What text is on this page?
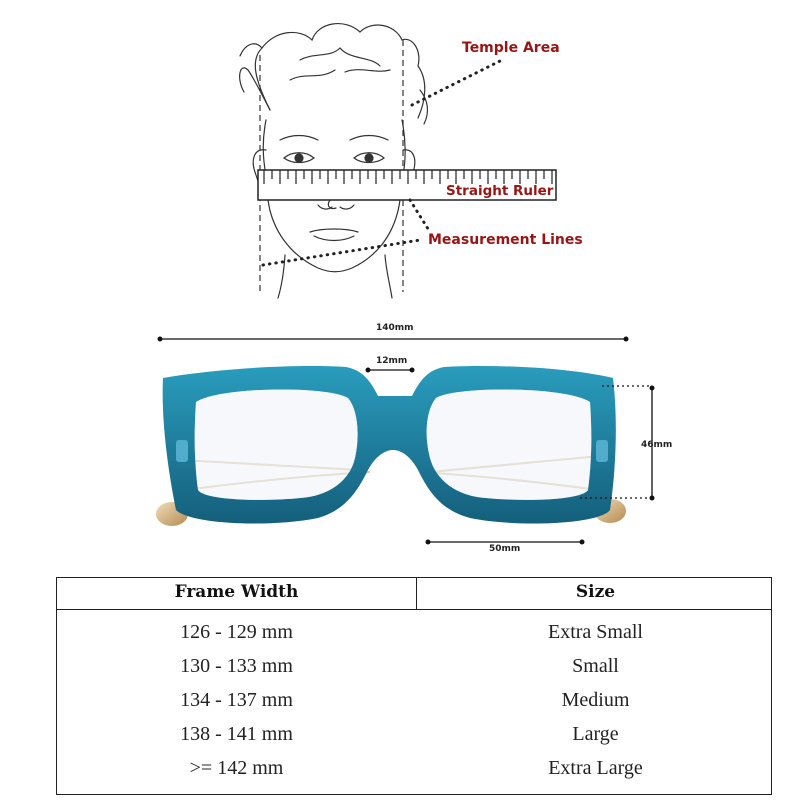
Temple Area
Straight Ruler
Measurement Lines
140mm
12mm
46mm
50mm
Frame Width	Size
126 - 129 mm	Extra Small
130 - 133 mm	Small
134 - 137 mm	Medium
138 - 141 mm	Large
>= 142 mm	Extra Large
